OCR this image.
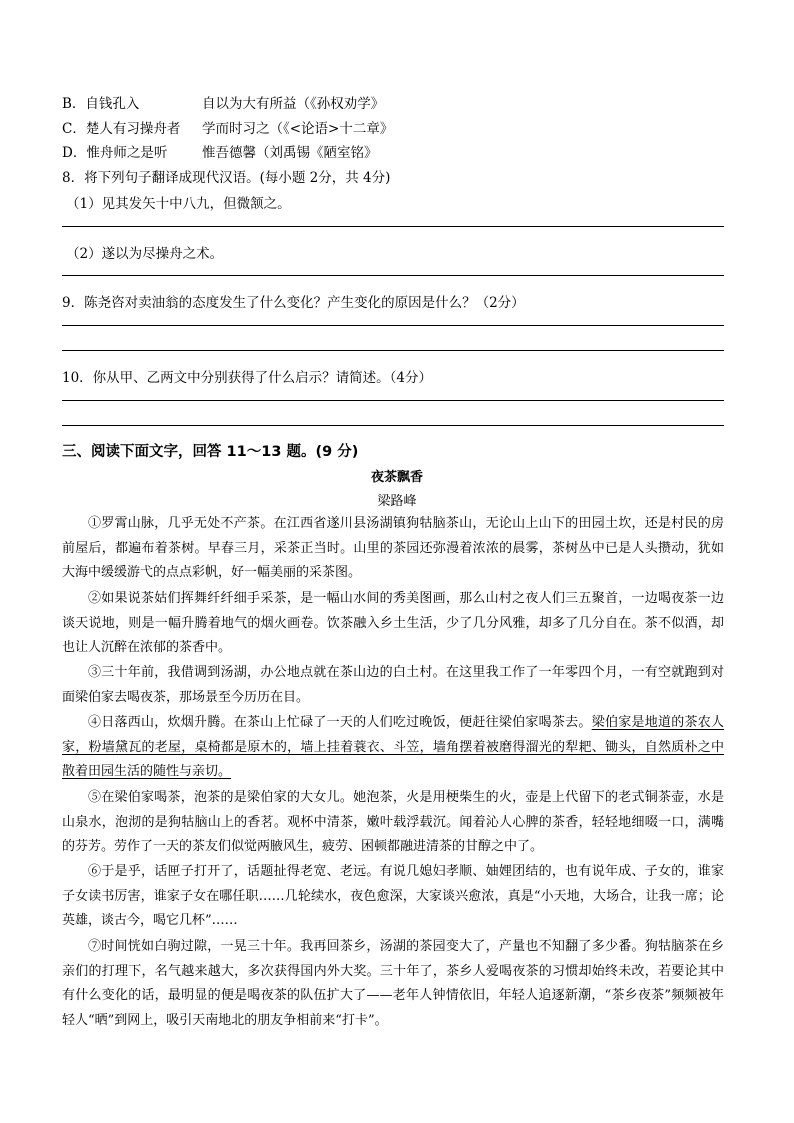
B．自钱孔入	自以为大有所益（《孙权劝学》
C．楚人有习操舟者 学而时习之（《<论语>十二章》
D．惟舟师之是听	惟吾德馨（刘禹锡《陋室铭》
8．将下列句子翻译成现代汉语。(每小题 2分，共 4分)
（1）见其发矢十中八九，但微颔之。
（2）遂以为尽操舟之术。
9．陈尧咨对卖油翁的态度发生了什么变化？产生变化的原因是什么？（2分）
10．你从甲、乙两文中分别获得了什么启示？请简述。（4分）
三、阅读下面文字，回答 11～13 题。(9 分)
夜茶飘香
梁路峰
①罗霄山脉，几乎无处不产茶。在江西省遂川县汤湖镇狗牯脑茶山，无论山上山下的田园土坎，还是村民的房前屋后，都遍布着茶树。早春三月，采茶正当时。山里的茶园还弥漫着浓浓的晨雾，茶树丛中已是人头攒动，犹如大海中缓缓游弋的点点彩帆，好一幅美丽的采茶图。
②如果说茶姑们挥舞纤纤细手采茶，是一幅山水间的秀美图画，那么山村之夜人们三五聚首，一边喝夜茶一边谈天说地，则是一幅升腾着地气的烟火画卷。饮茶融入乡土生活，少了几分风雅，却多了几分自在。茶不似酒，却也让人沉醉在浓郁的茶香中。
③三十年前，我借调到汤湖，办公地点就在茶山边的白土村。在这里我工作了一年零四个月，一有空就跑到对面梁伯家去喝夜茶，那场景至今历历在目。
④日落西山，炊烟升腾。在茶山上忙碌了一天的人们吃过晚饭，便赶往梁伯家喝茶去。梁伯家是地道的茶农人家，粉墙黛瓦的老屋，桌椅都是原木的，墙上挂着蓑衣、斗笠，墙角摆着被磨得溜光的犁耙、锄头，自然质朴之中散着田园生活的随性与亲切。
⑤在梁伯家喝茶，泡茶的是梁伯家的大女儿。她泡茶，火是用梗柴生的火，壶是上代留下的老式铜茶壶，水是山泉水，泡沏的是狗牯脑山上的香茗。观杯中清茶，嫩叶载浮载沉。闻着沁人心脾的茶香，轻轻地细啜一口，满嘴的芬芳。劳作了一天的茶友们似觉两腋风生，疲劳、困顿都融进清茶的甘醇之中了。
⑥于是乎，话匣子打开了，话题扯得老宽、老远。有说几媳妇孝顺、妯娌团结的，也有说年成、子女的，谁家子女读书厉害，谁家子女在哪任职……几轮续水，夜色愈深，大家谈兴愈浓，真是“小天地，大场合，让我一席；论英雄，谈古今，喝它几杯”……
⑦时间恍如白驹过隙，一晃三十年。我再回茶乡，汤湖的茶园变大了，产量也不知翻了多少番。狗牯脑茶在乡亲们的打理下，名气越来越大，多次获得国内外大奖。三十年了，茶乡人爱喝夜茶的习惯却始终未改，若要论其中有什么变化的话，最明显的便是喝夜茶的队伍扩大了——老年人钟情依旧，年轻人追逐新潮，“茶乡夜茶”频频被年轻人“晒”到网上，吸引天南地北的朋友争相前来“打卡”。
